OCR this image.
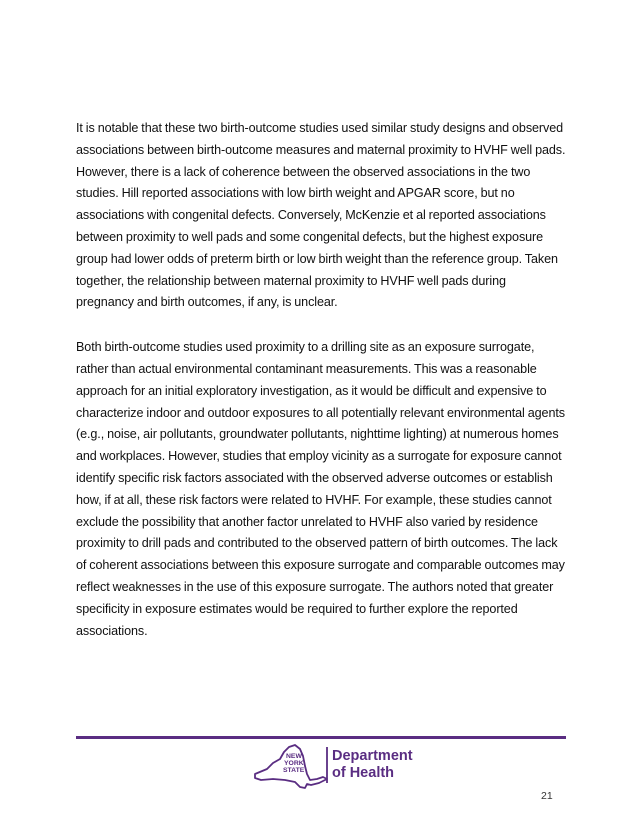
It is notable that these two birth-outcome studies used similar study designs and observed associations between birth-outcome measures and maternal proximity to HVHF well pads. However, there is a lack of coherence between the observed associations in the two studies. Hill reported associations with low birth weight and APGAR score, but no associations with congenital defects. Conversely, McKenzie et al reported associations between proximity to well pads and some congenital defects, but the highest exposure group had lower odds of preterm birth or low birth weight than the reference group. Taken together, the relationship between maternal proximity to HVHF well pads during pregnancy and birth outcomes, if any, is unclear.

Both birth-outcome studies used proximity to a drilling site as an exposure surrogate, rather than actual environmental contaminant measurements. This was a reasonable approach for an initial exploratory investigation, as it would be difficult and expensive to characterize indoor and outdoor exposures to all potentially relevant environmental agents (e.g., noise, air pollutants, groundwater pollutants, nighttime lighting) at numerous homes and workplaces. However, studies that employ vicinity as a surrogate for exposure cannot identify specific risk factors associated with the observed adverse outcomes or establish how, if at all, these risk factors were related to HVHF. For example, these studies cannot exclude the possibility that another factor unrelated to HVHF also varied by residence proximity to drill pads and contributed to the observed pattern of birth outcomes. The lack of coherent associations between this exposure surrogate and comparable outcomes may reflect weaknesses in the use of this exposure surrogate. The authors noted that greater specificity in exposure estimates would be required to further explore the reported associations.

NEW
YORK
STATE
Department
of Health
21
